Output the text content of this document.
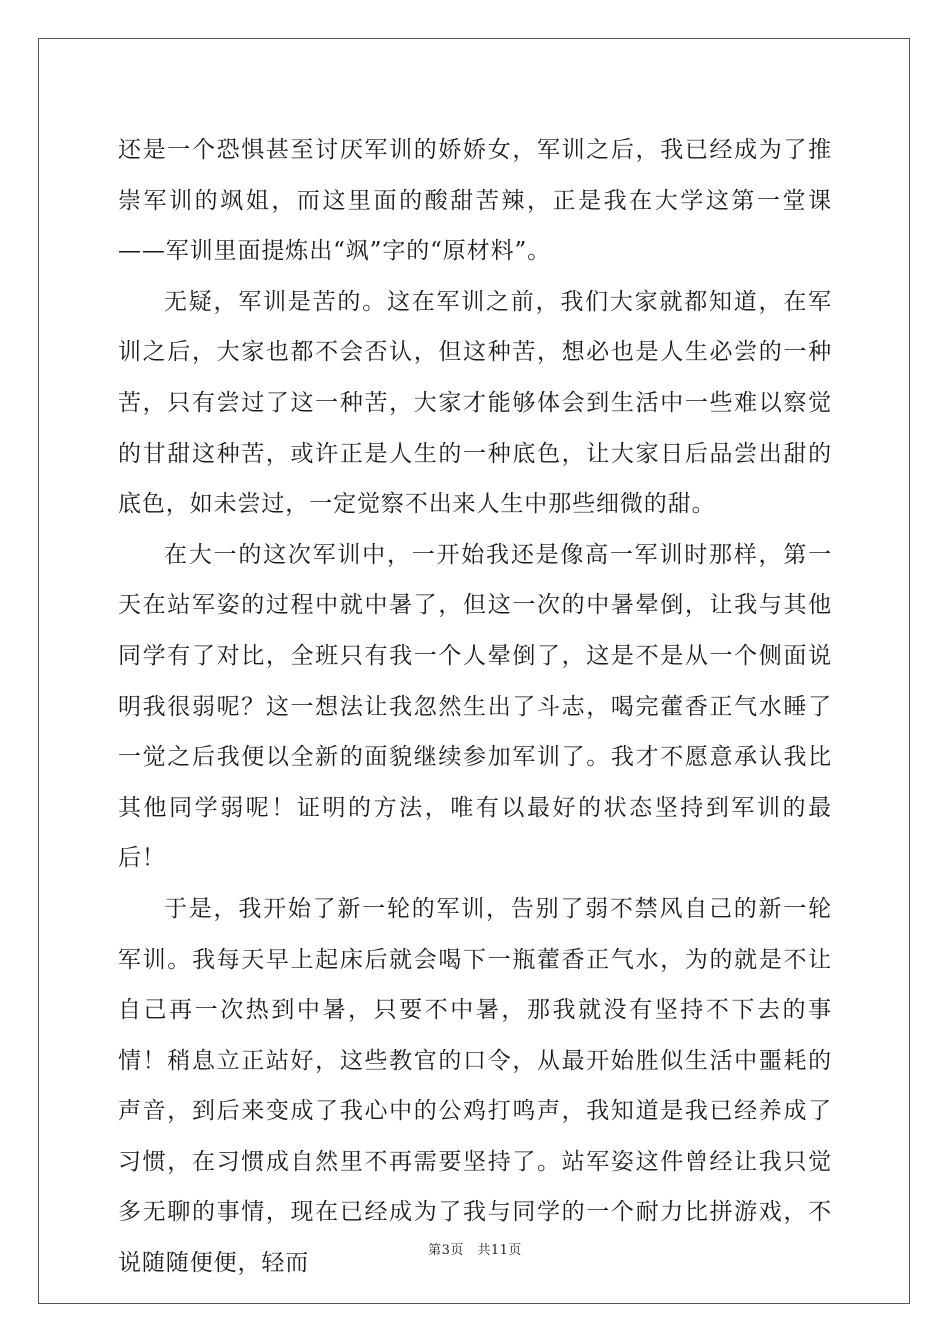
还是一个恐惧甚至讨厌军训的娇娇女，军训之后，我已经成为了推崇军训的飒姐，而这里面的酸甜苦辣，正是我在大学这第一堂课——军训里面提炼出“飒”字的“原材料”。

无疑，军训是苦的。这在军训之前，我们大家就都知道，在军训之后，大家也都不会否认，但这种苦，想必也是人生必尝的一种苦，只有尝过了这一种苦，大家才能够体会到生活中一些难以察觉的甘甜这种苦，或许正是人生的一种底色，让大家日后品尝出甜的底色，如未尝过，一定觉察不出来人生中那些细微的甜。

在大一的这次军训中，一开始我还是像高一军训时那样，第一天在站军姿的过程中就中暑了，但这一次的中暑晕倒，让我与其他同学有了对比，全班只有我一个人晕倒了，这是不是从一个侧面说明我很弱呢？这一想法让我忽然生出了斗志，喝完藿香正气水睡了一觉之后我便以全新的面貌继续参加军训了。我才不愿意承认我比其他同学弱呢！证明的方法，唯有以最好的状态坚持到军训的最后！

于是，我开始了新一轮的军训，告别了弱不禁风自己的新一轮军训。我每天早上起床后就会喝下一瓶藿香正气水，为的就是不让自己再一次热到中暑，只要不中暑，那我就没有坚持不下去的事情！稍息立正站好，这些教官的口令，从最开始胜似生活中噩耗的声音，到后来变成了我心中的公鸡打鸣声，我知道是我已经养成了习惯，在习惯成自然里不再需要坚持了。站军姿这件曾经让我只觉多无聊的事情，现在已经成为了我与同学的一个耐力比拼游戏，不说随随便便，轻而	第3页　共11页
